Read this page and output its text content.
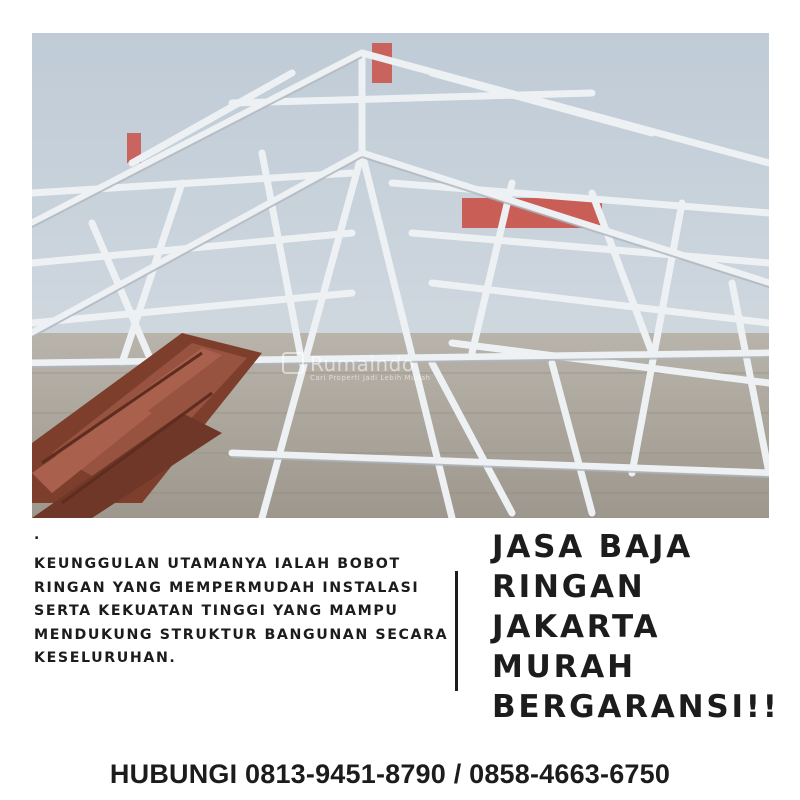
Rumaindo
Cari Properti Jadi Lebih Mudah
.

KEUNGGULAN UTAMANYA IALAH BOBOT RINGAN YANG MEMPERMUDAH INSTALASI SERTA KEKUATAN TINGGI YANG MAMPU MENDUKUNG STRUKTUR BANGUNAN SECARA KESELURUHAN.

JASA BAJA
RINGAN
JAKARTA
MURAH
BERGARANSI!!
HUBUNGI 0813-9451-8790 / 0858-4663-6750
